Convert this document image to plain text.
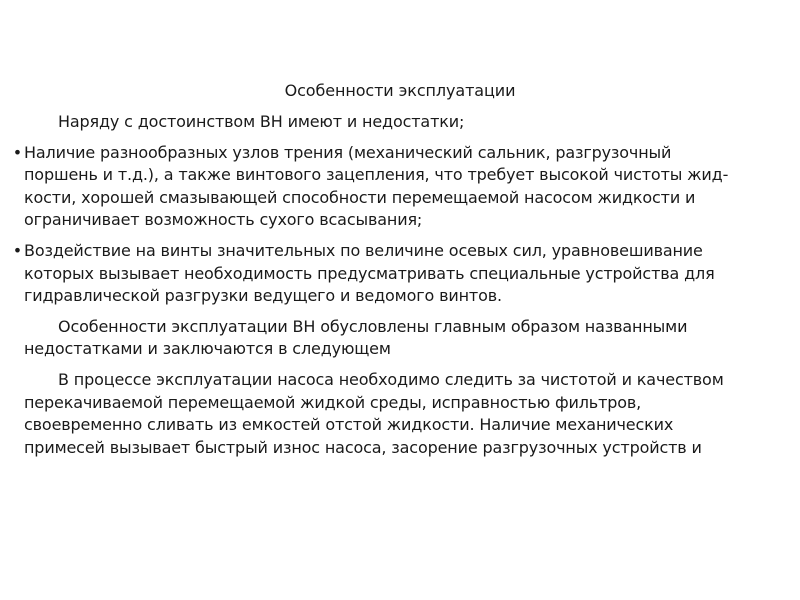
Особенности эксплуатации

Наряду с достоинством ВН имеют и недостатки;

• Наличие разнообразных узлов трения (механический сальник, разгрузочный
поршень и т.д.), а также винтового зацепления, что требует высокой чистоты жид-
кости, хорошей смазывающей способности перемещаемой насосом жидкости и
ограничивает возможность сухого всасывания;
• Воздействие на винты значительных по величине осевых сил, уравновешивание
которых вызывает необходимость предусматривать специальные устройства для
гидравлической разгрузки ведущего и ведомого винтов.
Особенности эксплуатации ВН обусловлены главным образом названными
недостатками и заключаются в следующем
В процессе эксплуатации насоса необходимо следить за чистотой и качеством
перекачиваемой перемещаемой жидкой среды, исправностью фильтров,
своевременно сливать из емкостей отстой жидкости. Наличие механических
примесей вызывает быстрый износ насоса, засорение разгрузочных устройств и
